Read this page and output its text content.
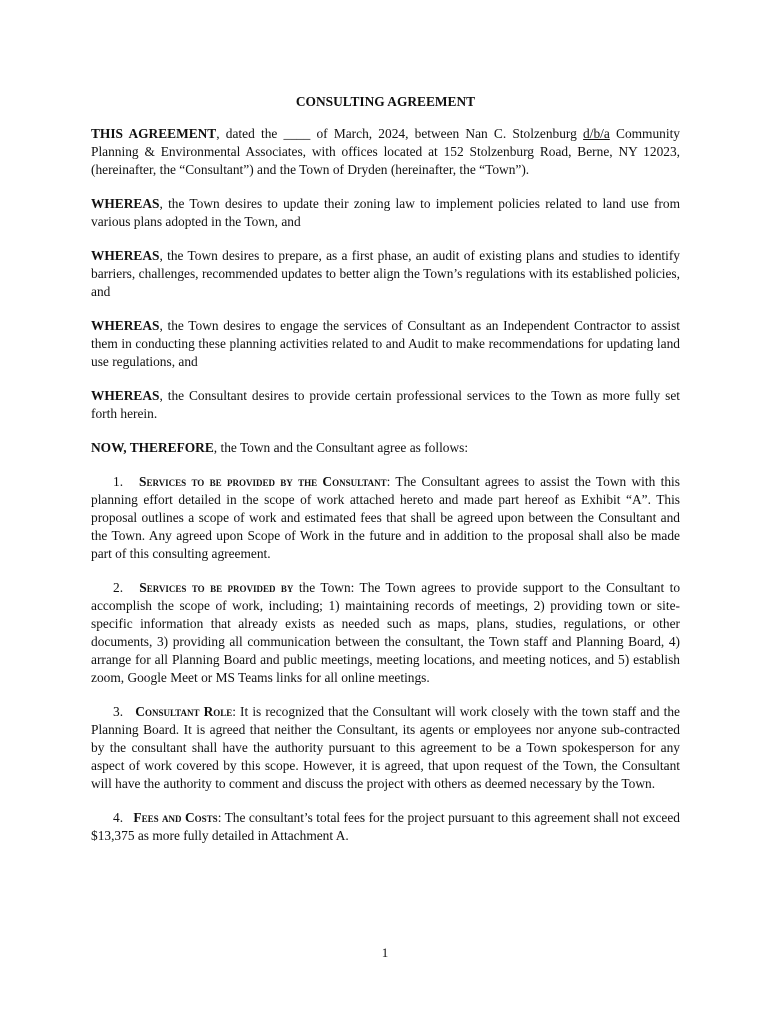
CONSULTING AGREEMENT

THIS AGREEMENT, dated the ____ of March, 2024, between Nan C. Stolzenburg d/b/a Community Planning & Environmental Associates, with offices located at 152 Stolzenburg Road, Berne, NY 12023, (hereinafter, the “Consultant”) and the Town of Dryden (hereinafter, the “Town”).

WHEREAS, the Town desires to update their zoning law to implement policies related to land use from various plans adopted in the Town, and

WHEREAS, the Town desires to prepare, as a first phase, an audit of existing plans and studies to identify barriers, challenges, recommended updates to better align the Town’s regulations with its established policies, and

WHEREAS, the Town desires to engage the services of Consultant as an Independent Contractor to assist them in conducting these planning activities related to and Audit to make recommendations for updating land use regulations, and

WHEREAS, the Consultant desires to provide certain professional services to the Town as more fully set forth herein.

NOW, THEREFORE, the Town and the Consultant agree as follows:

1. Services to be provided by the Consultant: The Consultant agrees to assist the Town with this planning effort detailed in the scope of work attached hereto and made part hereof as Exhibit “A”. This proposal outlines a scope of work and estimated fees that shall be agreed upon between the Consultant and the Town. Any agreed upon Scope of Work in the future and in addition to the proposal shall also be made part of this consulting agreement.

2. Services to be provided by the Town: The Town agrees to provide support to the Consultant to accomplish the scope of work, including; 1) maintaining records of meetings, 2) providing town or site-specific information that already exists as needed such as maps, plans, studies, regulations, or other documents, 3) providing all communication between the consultant, the Town staff and Planning Board, 4) arrange for all Planning Board and public meetings, meeting locations, and meeting notices, and 5) establish zoom, Google Meet or MS Teams links for all online meetings.

3. Consultant Role: It is recognized that the Consultant will work closely with the town staff and the Planning Board. It is agreed that neither the Consultant, its agents or employees nor anyone sub-contracted by the consultant shall have the authority pursuant to this agreement to be a Town spokesperson for any aspect of work covered by this scope. However, it is agreed, that upon request of the Town, the Consultant will have the authority to comment and discuss the project with others as deemed necessary by the Town.

4. Fees and Costs: The consultant’s total fees for the project pursuant to this agreement shall not exceed $13,375 as more fully detailed in Attachment A.

1
